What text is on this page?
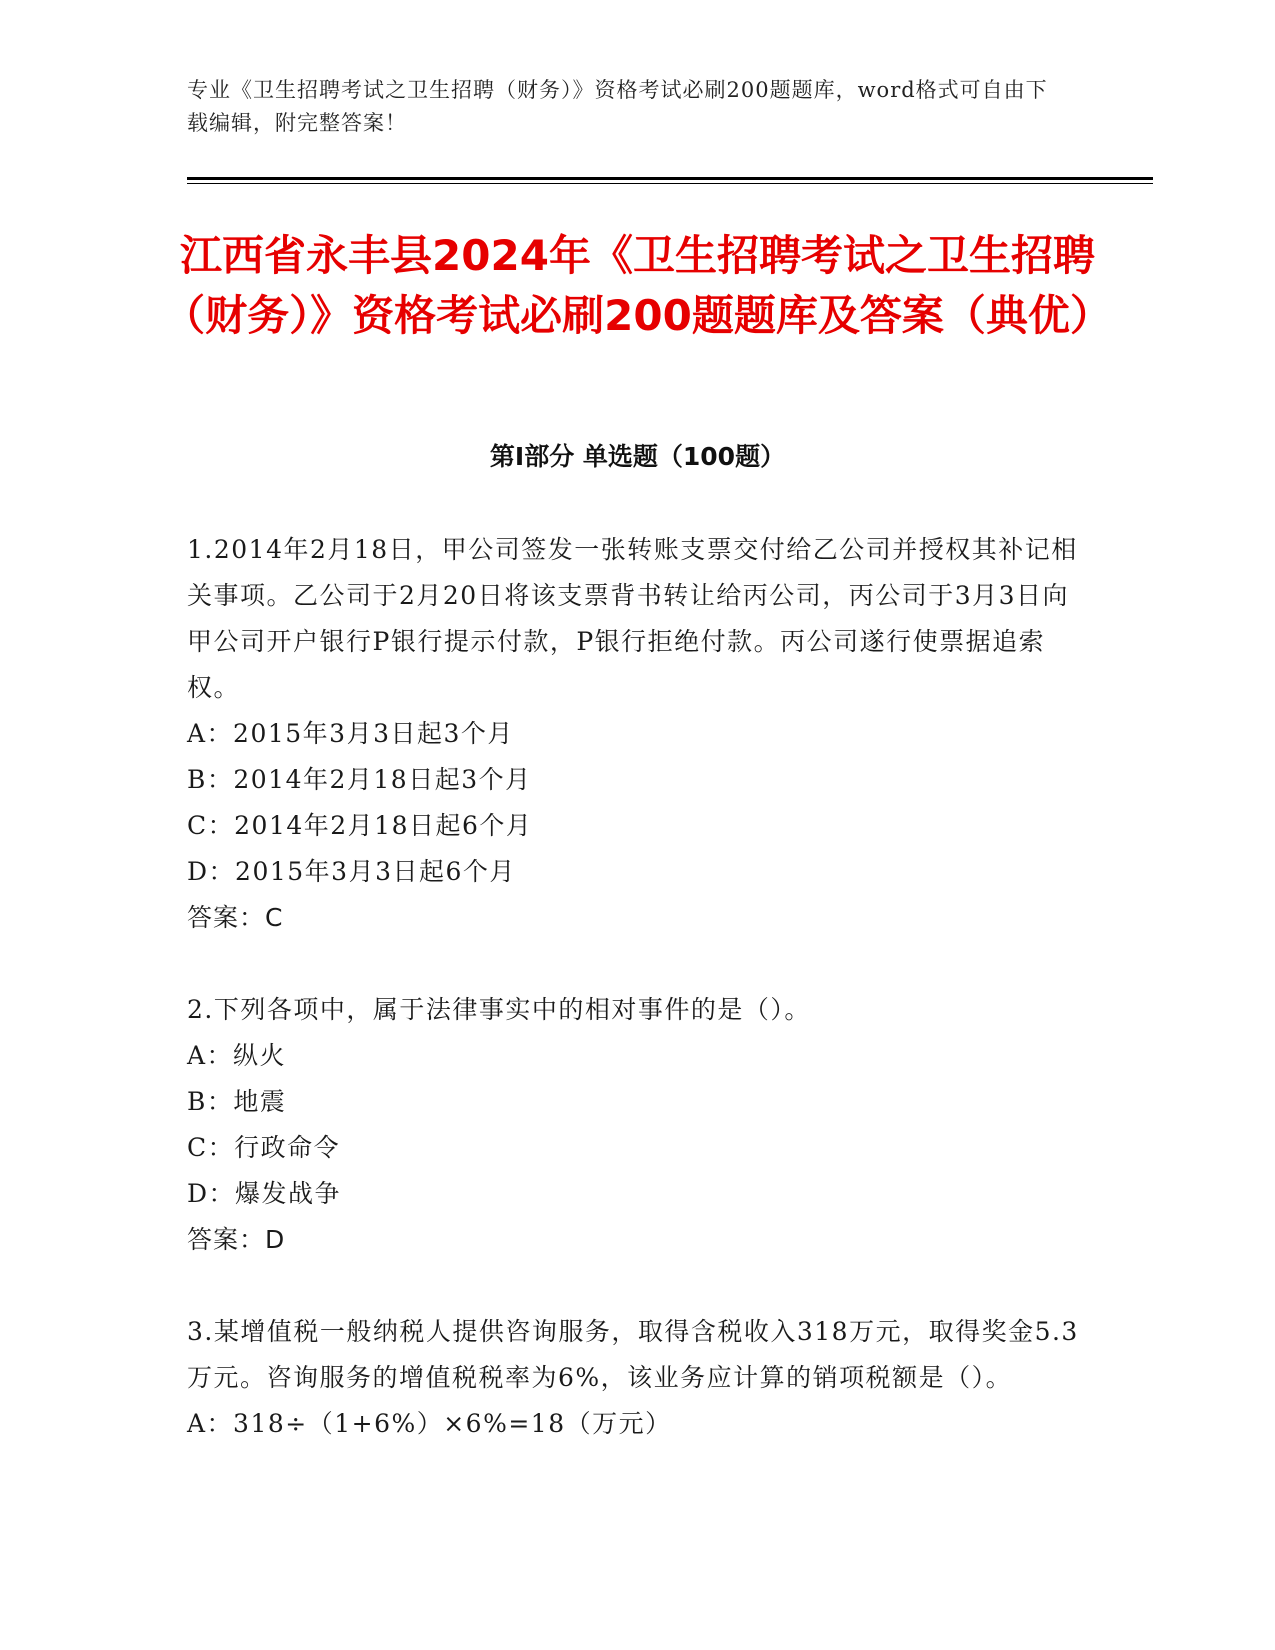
专业《卫生招聘考试之卫生招聘（财务）》资格考试必刷200题题库，word格式可自由下载编辑，附完整答案！
江西省永丰县2024年《卫生招聘考试之卫生招聘（财务）》资格考试必刷200题题库及答案（典优）
第Ⅰ部分 单选题（100题）
1.2014年2月18日，甲公司签发一张转账支票交付给乙公司并授权其补记相关事项。乙公司于2月20日将该支票背书转让给丙公司，丙公司于3月3日向甲公司开户银行P银行提示付款，P银行拒绝付款。丙公司遂行使票据追索权。
A：2015年3月3日起3个月
B：2014年2月18日起3个月
C：2014年2月18日起6个月
D：2015年3月3日起6个月
答案：C
2.下列各项中，属于法律事实中的相对事件的是（）。
A：纵火
B：地震
C：行政命令
D：爆发战争
答案：D
3.某增值税一般纳税人提供咨询服务，取得含税收入318万元，取得奖金5.3万元。咨询服务的增值税税率为6%，该业务应计算的销项税额是（）。
A：318÷（1+6%）×6%=18（万元）
